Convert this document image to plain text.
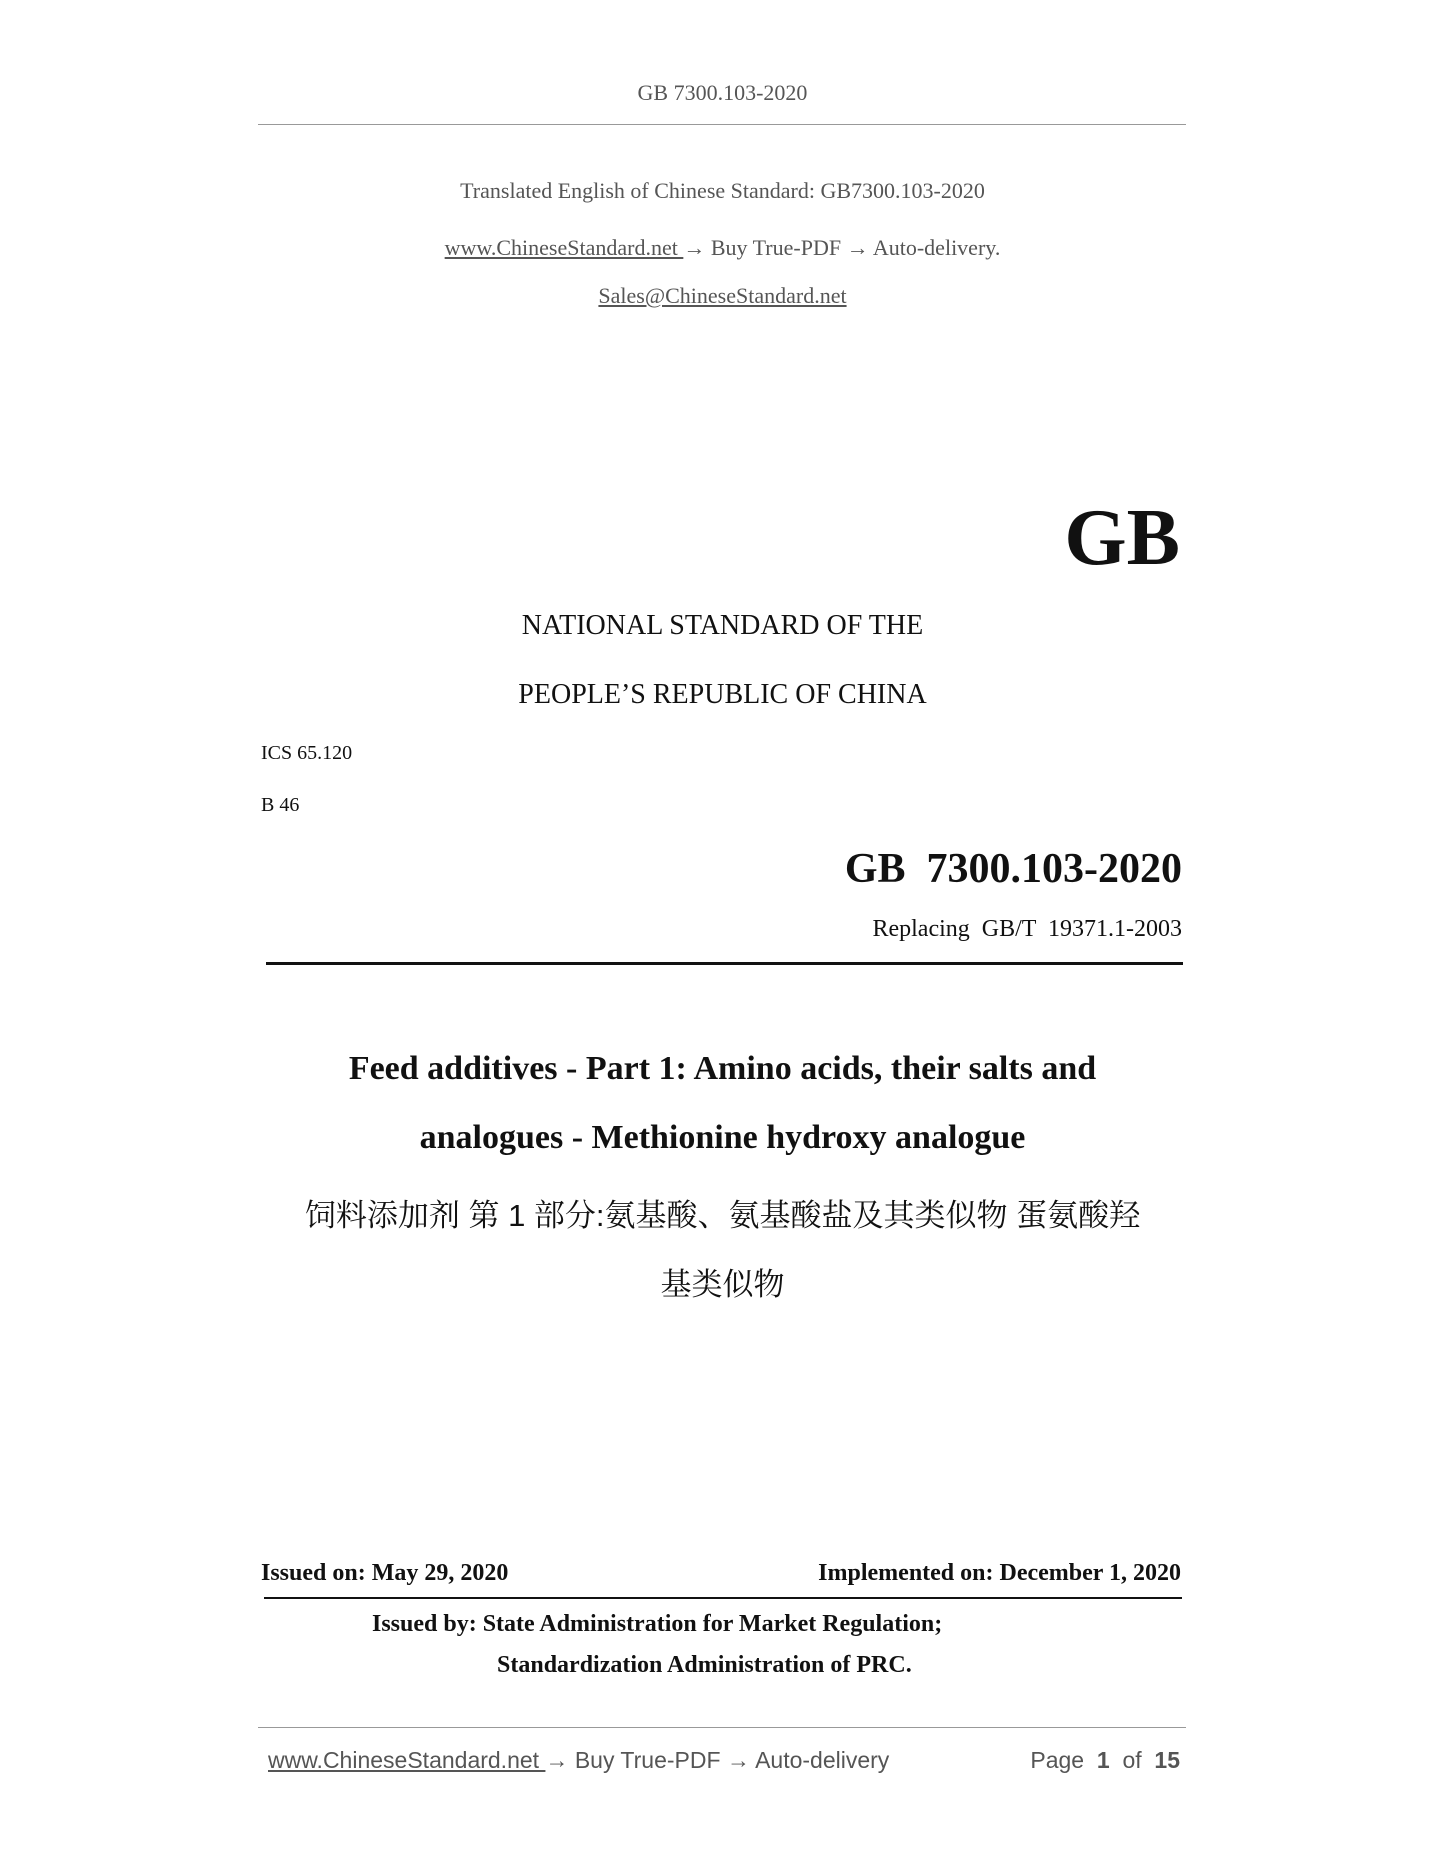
GB 7300.103-2020
Translated English of Chinese Standard: GB7300.103-2020
www.ChineseStandard.net → Buy True-PDF → Auto-delivery.
Sales@ChineseStandard.net
GB
NATIONAL STANDARD OF THE
PEOPLE’S REPUBLIC OF CHINA
ICS 65.120
B 46
GB  7300.103-2020
Replacing  GB/T  19371.1-2003
Feed additives - Part 1: Amino acids, their salts and
analogues - Methionine hydroxy analogue
饲料添加剂 第 1 部分:氨基酸、氨基酸盐及其类似物 蛋氨酸羟
基类似物
Issued on: May 29, 2020	Implemented on: December 1, 2020
Issued by: State Administration for Market Regulation;
Standardization Administration of PRC.
www.ChineseStandard.net → Buy True-PDF → Auto-delivery	Page 1 of 15
